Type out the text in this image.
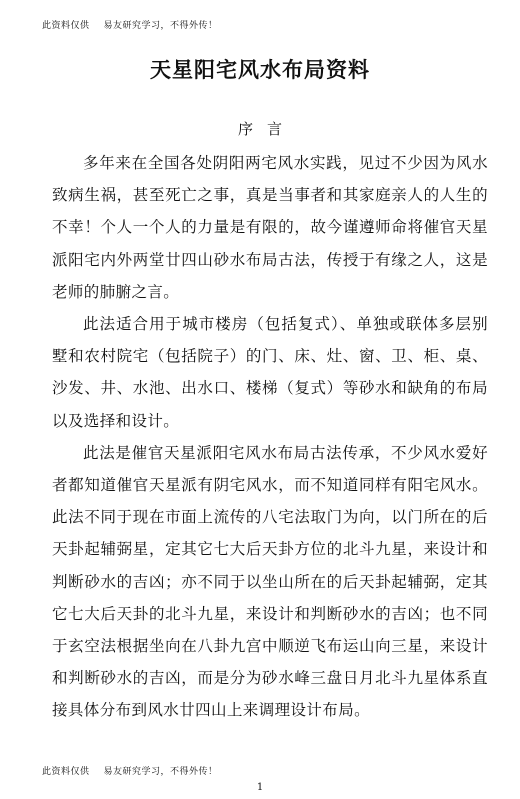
此资料仅供 易友研究学习，不得外传！
天星阳宅风水布局资料
序言

多年来在全国各处阴阳两宅风水实践，见过不少因为风水致病生祸，甚至死亡之事，真是当事者和其家庭亲人的人生的不幸！个人一个人的力量是有限的，故今谨遵师命将催官天星派阳宅内外两堂廿四山砂水布局古法，传授于有缘之人，这是老师的肺腑之言。

此法适合用于城市楼房（包括复式）、单独或联体多层别墅和农村院宅（包括院子）的门、床、灶、窗、卫、柜、桌、沙发、井、水池、出水口、楼梯（复式）等砂水和缺角的布局以及选择和设计。

此法是催官天星派阳宅风水布局古法传承，不少风水爱好者都知道催官天星派有阴宅风水，而不知道同样有阳宅风水。此法不同于现在市面上流传的八宅法取门为向，以门所在的后天卦起辅弼星，定其它七大后天卦方位的北斗九星，来设计和判断砂水的吉凶；亦不同于以坐山所在的后天卦起辅弼，定其它七大后天卦的北斗九星，来设计和判断砂水的吉凶；也不同于玄空法根据坐向在八卦九宫中顺逆飞布运山向三星，来设计和判断砂水的吉凶，而是分为砂水峰三盘日月北斗九星体系直接具体分布到风水廿四山上来调理设计布局。

此资料仅供 易友研究学习，不得外传！
1
